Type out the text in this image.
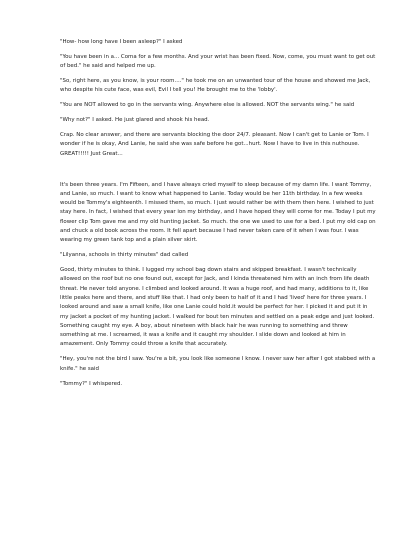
"How- how long have I been asleep?" I asked

"You have been in a... Coma for a few months. And your wrist has been fixed. Now, come, you must want to get out of bed." he said and helped me up.

"So, right here, as you know, is your room...." he took me on an unwanted tour of the house and showed me Jack, who despite his cute face, was evil, Evil I tell you! He brought me to the 'lobby'.

"You are NOT allowed to go in the servants wing. Anywhere else is allowed. NOT the servants wing." he said

"Why not?" I asked. He just glared and shook his head.

Crap. No clear answer, and there are servants blocking the door 24/7. pleasant. Now I can't get to Lanie or Tom. I wonder if he is okay, And Lanie, he said she was safe before he got...hurt. Now I have to live in this nuthouse. GREAT!!!!! Just Great...

It's been three years. I'm Fifteen, and I have always cried myself to sleep because of my damn life. I want Tommy, and Lanie, so much. I want to know what happened to Lanie. Today would be her 11th birthday. In a few weeks would be Tommy's eighteenth. I missed them, so much. I just would rather be with them then here. I wished to just stay here. In fact, I wished that every year ion my birthday, and I have hoped they will come for me. Today I put my flower clip Tom gave me and my old hunting jacket. So much. the one we used to use for a bed. I put my old cap on and chuck a old book across the room. It fell apart because I had never taken care of it when I was four. I was wearing my green tank top and a plain silver skirt.

"Lilyanna, schools in thirty minutes" dad called

Good, thirty minutes to think. I lugged my school bag down stairs and skipped breakfast. I wasn't technically allowed on the roof but no one found out, except for Jack, and I kinda threatened him with an inch from life death threat. He never told anyone. I climbed and looked around. It was a huge roof, and had many, additions to it, like little peaks here and there, and stuff like that. I had only been to half of it and I had 'lived' here for three years. I looked around and saw a small knife, like one Lanie could hold.it would be perfect for her. I picked it and put it in my jacket a pocket of my hunting jacket. I walked for bout ten minutes and settled on a peak edge and just looked. Something caught my eye. A boy, about nineteen with black hair he was running to something and threw something at me. I screamed, it was a knife and it caught my shoulder. I slide down and looked at him in amazement. Only Tommy could throw a knife that accurately.

"Hey, you're not the bird I saw. You're a bit, you look like someone I know. I never saw her after I got stabbed with a knife." he said

"Tommy?" I whispered.
